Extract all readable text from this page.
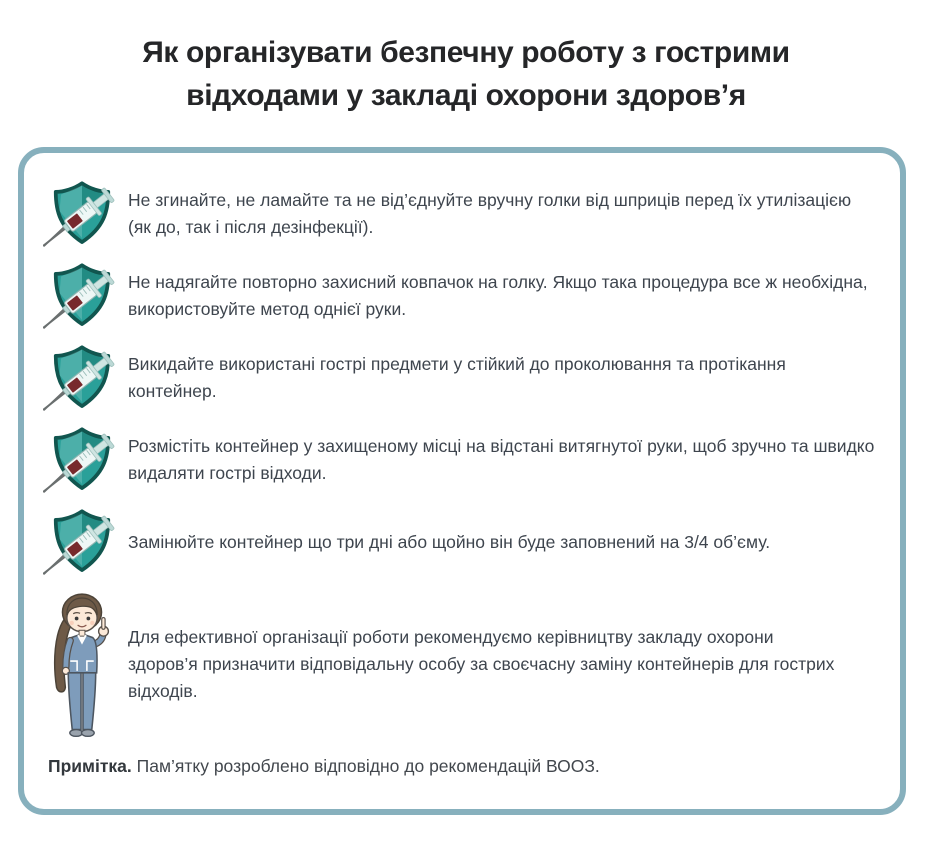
Як організувати безпечну роботу з гострими відходами у закладі охорони здоров’я

Не згинайте, не ламайте та не від’єднуйте вручну голки від шприців перед їх утилізацією (як до, так і після дезінфекції).

Не надягайте повторно захисний ковпачок на голку. Якщо така процедура все ж необхідна, використовуйте метод однієї руки.

Викидайте використані гострі предмети у стійкий до проколювання та протікання контейнер.

Розмістіть контейнер у захищеному місці на відстані витягнутої руки, щоб зручно та швидко видаляти гострі відходи.

Замінюйте контейнер що три дні або щойно він буде заповнений на 3/4 об’єму.

Для ефективної організації роботи рекомендуємо керівництву закладу охорони здоров’я призначити відповідальну особу за своєчасну заміну контейнерів для гострих відходів.

Примітка. Пам’ятку розроблено відповідно до рекомендацій ВООЗ.
